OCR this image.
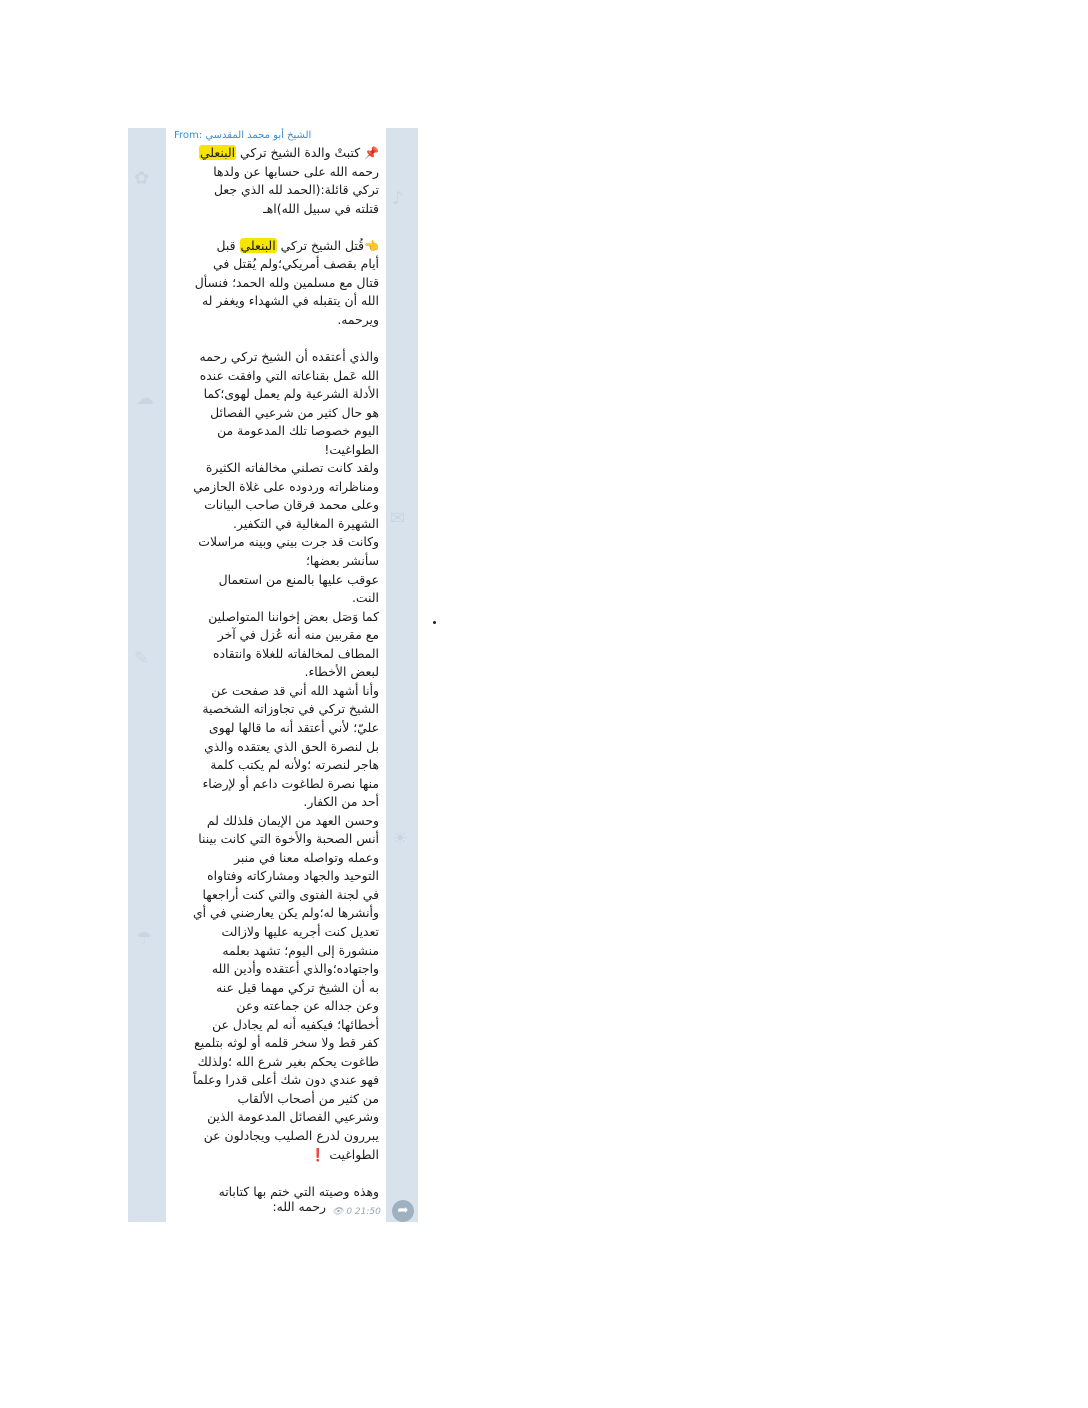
✿
☁
✎
☂
♪
✉
☀
From: الشيخ أبو محمد المقدسي

📌 كتبتْ والدة الشيخ تركي البنعلي
رحمه الله على حسابها عن ولدها
تركي قائلة:(الحمد لله الذي جعل
قتلته في سبيل الله)اهـ

👈قُتل الشيخ تركي البنعلي قبل
أيام بقصف أمريكي؛ولم يُقتل في
قتال مع مسلمين ولله الحمد؛ فنسأل
الله أن يتقبله في الشهداء ويغفر له
ويرحمه.

والذي أعتقده أن الشيخ تركي رحمه
الله عَمل بقناعاته التي وافقت عنده
الأدلة الشرعية ولم يعمل لهوى؛كما
هو حال كثير من شرعيي الفصائل
اليوم خصوصا تلك المدعومة من
الطواغيت!
ولقد كانت تصلني مخالفاته الكثيرة
ومناظراته وردوده على غلاة الحازمي
وعلى محمد فرقان صاحب البيانات
الشهيرة المغالية في التكفير.
وكانت قد جرت بيني وبينه مراسلات
سأنشر بعضها؛
عوقب عليها بالمنع من استعمال
النت.
كما وَصَل بعض إخواننا المتواصلين
مع مقربين منه أنه عُزل في آخر
المطاف لمخالفاته للغلاة وانتقاده
لبعض الأخطاء.
وأنا أشهد الله أني قد صفحت عن
الشيخ تركي في تجاوزاته الشخصية
عليّ؛ لأني أعتقد أنه ما قالها لهوى
بل لنصرة الحق الذي يعتقده والذي
هاجر لنصرته ؛ولأنه لم يكتب كلمة
منها نصرة لطاغوت داعم أو لإرضاء
أحد من الكفار.
وحسن العهد من الإيمان فلذلك لم
أنس الصحبة والأخوة التي كانت بيننا
وعمله وتواصله معنا في منبر
التوحيد والجهاد ومشاركاته وفتاواه
في لجنة الفتوى والتي كنت أراجعها
وأنشرها له؛ولم يكن يعارضني في أي
تعديل كنت أجريه عليها ولازالت
منشورة إلى اليوم؛ تشهد بعلمه
واجتهاده؛والذي أعتقده وأدين الله
به أن الشيخ تركي مهما قيل عنه
وعن جداله عن جماعته وعن
أخطائها؛ فيكفيه أنه لم يجادل عن
كفر قط ولا سخر قلمه أو لوثه بتلميع
طاغوت يحكم بغير شرع الله ؛ولذلك
فهو عندي دون شك أعلى قدرا وعلماً
من كثير من أصحاب الألقاب
وشرعيي الفصائل المدعومة الذين
يبررون لدرع الصليب ويجادلون عن
الطواغيت ❗

وهذه وصيته التي ختم بها كتاباته

👁 0 21:50	➦
رحمه الله:
